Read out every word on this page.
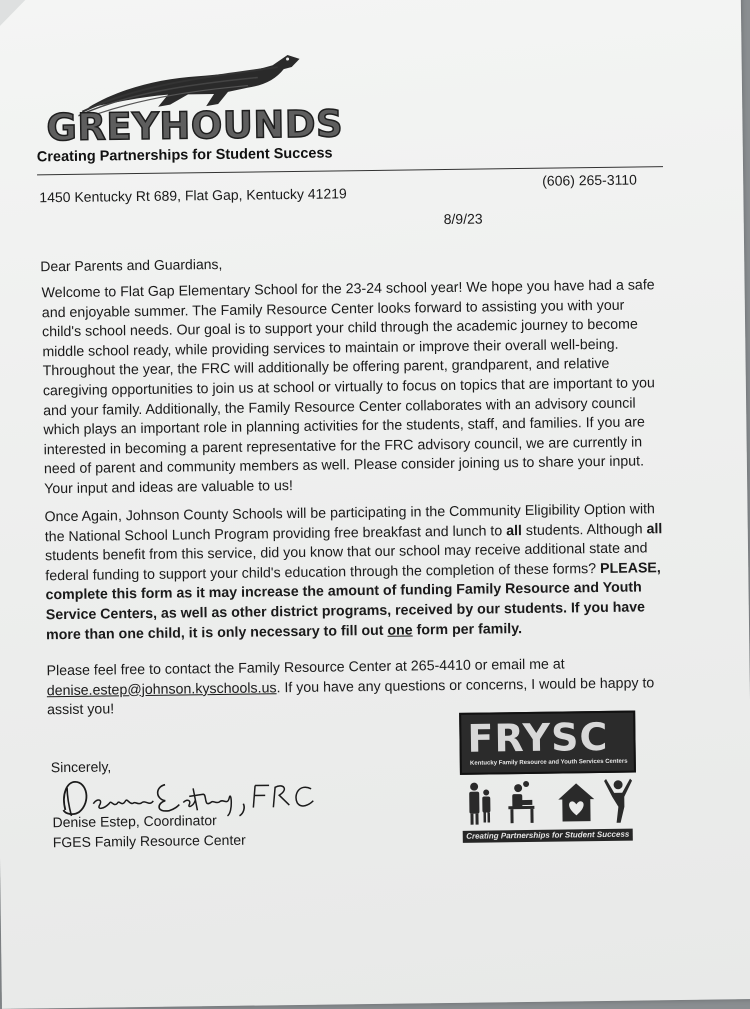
GREYHOUNDS
Creating Partnerships for Student Success
1450 Kentucky Rt 689, Flat Gap, Kentucky 41219
(606) 265-3110
8/9/23
Dear Parents and Guardians,
Welcome to Flat Gap Elementary School for the 23-24 school year! We hope you have had a safe and enjoyable summer. The Family Resource Center looks forward to assisting you with your child's school needs. Our goal is to support your child through the academic journey to become middle school ready, while providing services to maintain or improve their overall well-being. Throughout the year, the FRC will additionally be offering parent, grandparent, and relative caregiving opportunities to join us at school or virtually to focus on topics that are important to you and your family. Additionally, the Family Resource Center collaborates with an advisory council which plays an important role in planning activities for the students, staff, and families. If you are interested in becoming a parent representative for the FRC advisory council, we are currently in need of parent and community members as well. Please consider joining us to share your input. Your input and ideas are valuable to us!
Once Again, Johnson County Schools will be participating in the Community Eligibility Option with the National School Lunch Program providing free breakfast and lunch to all students. Although all students benefit from this service, did you know that our school may receive additional state and federal funding to support your child's education through the completion of these forms? PLEASE, complete this form as it may increase the amount of funding Family Resource and Youth Service Centers, as well as other district programs, received by our students. If you have more than one child, it is only necessary to fill out one form per family.
Please feel free to contact the Family Resource Center at 265-4410 or email me at denise.estep@johnson.kyschools.us. If you have any questions or concerns, I would be happy to assist you!
Sincerely,
Denise Estep, Coordinator
FGES Family Resource Center
FRYSC
Kentucky Family Resource and Youth Services Centers
Creating Partnerships for Student Success
